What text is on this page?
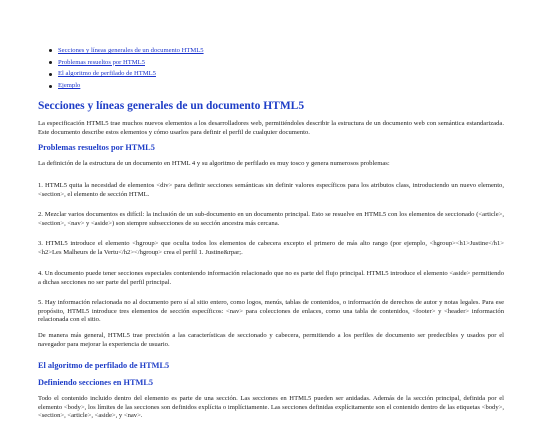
Secciones y líneas generales de un documento HTML5
Problemas resueltos por HTML5
El algoritmo de perfilado de HTML5
Ejemplo
Secciones y líneas generales de un documento HTML5

La especificación HTML5 trae muchos nuevos elementos a los desarrolladores web, permitiéndoles describir la estructura de un documento web con semántica estandarizada. Este documento describe estos elementos y cómo usarlos para definir el perfil de cualquier documento.

Problemas resueltos por HTML5

La definición de la estructura de un documento en HTML 4 y su algoritmo de perfilado es muy tosco y genera numerosos problemas:

1. HTML5 quita la necesidad de elementos <div> para definir secciones semánticas sin definir valores específicos para los atributos class, introduciendo un nuevo elemento, <section>, el elemento de sección HTML.

2. Mezclar varios documentos es difícil: la inclusión de un sub-documento en un documento principal. Esto se resuelve en HTML5 con los elementos de seccionado (<article>, <section>, <nav> y <aside>) son siempre subsecciones de su sección ancestra más cercana.

3. HTML5 introduce el elemento <hgroup> que oculta todos los elementos de cabecera excepto el primero de más alto rango (por ejemplo, <hgroup><h1>Justine</h1><h2>Les Malheurs de la Vertu</h2></hgroup> crea el perfil 1. Justine&rpar;.

4. Un documento puede tener secciones especiales conteniendo información relacionado que no es parte del flujo principal. HTML5 introduce el elemento <aside> permitiendo a dichas secciones no ser parte del perfil principal.

5. Hay información relacionada no al documento pero sí al sitio entero, como logos, menús, tablas de contenidos, o información de derechos de autor y notas legales. Para ese propósito, HTML5 introduce tres elementos de sección específicos: <nav> para colecciones de enlaces, como una tabla de contenidos, <footer> y <header> información relacionada con el sitio.

De manera más general, HTML5 trae precisión a las características de seccionado y cabecera, permitiendo a los perfiles de documento ser predecibles y usados por el navegador para mejorar la experiencia de usuario.

El algoritmo de perfilado de HTML5
Definiendo secciones en HTML5

Todo el contenido incluido dentro del elemento es parte de una sección. Las secciones en HTML5 pueden ser anidadas. Además de la sección principal, definida por el elemento <body>, los límites de las secciones son definidos explícita o implícitamente. Las secciones definidas explícitamente son el contenido dentro de las etiquetas <body>, <section>, <article>, <aside>, y <nav>.
